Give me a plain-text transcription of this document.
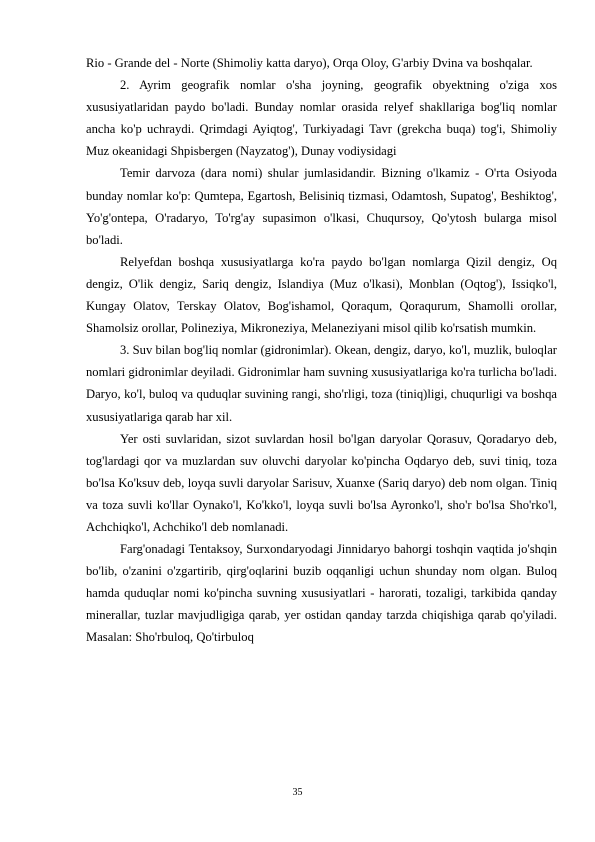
Rio - Grande del - Norte (Shimoliy katta daryo), Orqa Oloy, G'arbiy Dvina va boshqalar.

2. Ayrim geografik nomlar o'sha joyning, geografik obyektning o'ziga xos xususiyatlaridan paydo bo'ladi. Bunday nomlar orasida relyef shakllariga bog'liq nomlar ancha ko'p uchraydi. Qrimdagi Ayiqtog', Turkiyadagi Tavr (grekcha buqa) tog'i, Shimoliy Muz okeanidagi Shpisbergen (Nayzatog'), Dunay vodiysidagi

Temir darvoza (dara nomi) shular jumlasidandir. Bizning o'lkamiz - O'rta Osiyoda bunday nomlar ko'p: Qumtepa, Egartosh, Belisiniq tizmasi, Odamtosh, Supatog', Beshiktog', Yo'g'ontepa, O'radaryo, To'rg'ay supasimon o'lkasi, Chuqursoy, Qo'ytosh bularga misol bo'ladi.

Relyefdan boshqa xususiyatlarga ko'ra paydo bo'lgan nomlarga Qizil dengiz, Oq dengiz, O'lik dengiz, Sariq dengiz, Islandiya (Muz o'lkasi), Monblan (Oqtog'), Issiqko'l, Kungay Olatov, Terskay Olatov, Bog'ishamol, Qoraqum, Qoraqurum, Shamolli orollar, Shamolsiz orollar, Polineziya, Mikroneziya, Melaneziyani misol qilib ko'rsatish mumkin.

3. Suv bilan bog'liq nomlar (gidronimlar). Okean, dengiz, daryo, ko'l, muzlik, buloqlar nomlari gidronimlar deyiladi. Gidronimlar ham suvning xususiyatlariga ko'ra turlicha bo'ladi. Daryo, ko'l, buloq va quduqlar suvining rangi, sho'rligi, toza (tiniq)ligi, chuqurligi va boshqa xususiyatlariga qarab har xil.

Yer osti suvlaridan, sizot suvlardan hosil bo'lgan daryolar Qorasuv, Qoradaryo deb, tog'lardagi qor va muzlardan suv oluvchi daryolar ko'pincha Oqdaryo deb, suvi tiniq, toza bo'lsa Ko'ksuv deb, loyqa suvli daryolar Sarisuv, Xuanxe (Sariq daryo) deb nom olgan. Tiniq va toza suvli ko'llar Oynako'l, Ko'kko'l, loyqa suvli bo'lsa Ayronko'l, sho'r bo'lsa Sho'rko'l, Achchiqko'l, Achchiko'l deb nomlanadi.

Farg'onadagi Tentaksoy, Surxondaryodagi Jinnidaryo bahorgi toshqin vaqtida jo'shqin bo'lib, o'zanini o'zgartirib, qirg'oqlarini buzib oqqanligi uchun shunday nom olgan. Buloq hamda quduqlar nomi ko'pincha suvning xususiyatlari - harorati, tozaligi, tarkibida qanday minerallar, tuzlar mavjudligiga qarab, yer ostidan qanday tarzda chiqishiga qarab qo'yiladi. Masalan: Sho'rbuloq, Qo'tirbuloq

35
